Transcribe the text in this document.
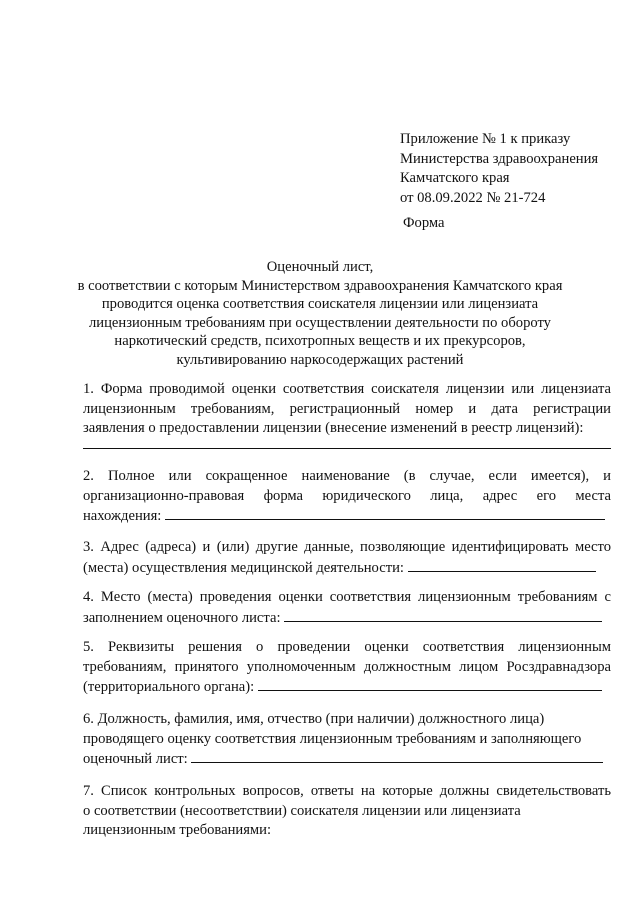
Приложение № 1 к приказу
Министерства здравоохранения
Камчатского края
от 08.09.2022 № 21-724
Форма
Оценочный лист,
в соответствии с которым Министерством здравоохранения Камчатского края
проводится оценка соответствия соискателя лицензии или лицензиата
лицензионным требованиям при осуществлении деятельности по обороту
наркотический средств, психотропных веществ и их прекурсоров,
культивированию наркосодержащих растений
1. Форма проводимой оценки соответствия соискателя лицензии или лицензиата
лицензионным требованиям, регистрационный номер и дата регистрации
заявления о предоставлении лицензии (внесение изменений в реестр лицензий):
2. Полное или сокращенное наименование (в случае, если имеется), и
организационно-правовая форма юридического лица, адрес его места
нахождения:
3. Адрес (адреса) и (или) другие данные, позволяющие идентифицировать место
(места) осуществления медицинской деятельности:
4. Место (места) проведения оценки соответствия лицензионным требованиям с
заполнением оценочного листа:
5. Реквизиты решения о проведении оценки соответствия лицензионным
требованиям, принятого уполномоченным должностным лицом Росздравнадзора
(территориального органа):
6. Должность, фамилия, имя, отчество (при наличии) должностного лица)
проводящего оценку соответствия лицензионным требованиям и заполняющего
оценочный лист:
7. Список контрольных вопросов, ответы на которые должны свидетельствовать
о соответствии (несоответствии) соискателя лицензии или лицензиата
лицензионным требованиями:
